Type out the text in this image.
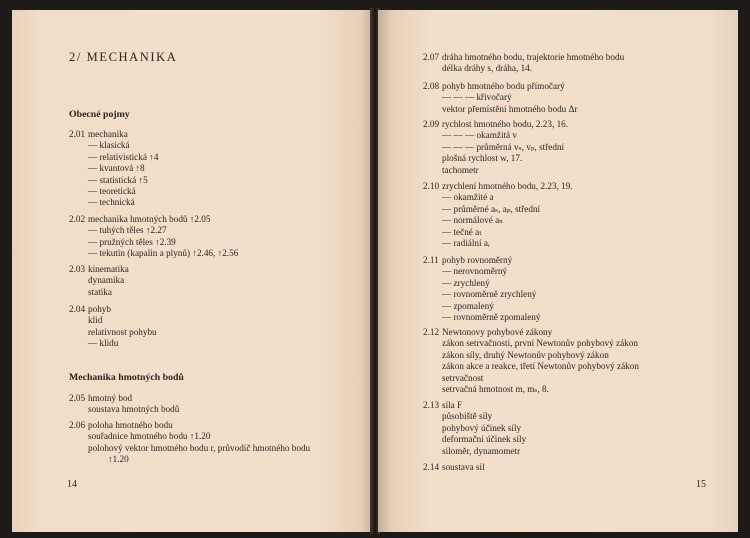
2/ MECHANIKA
Obecné pojmy
2.01 mechanika
— klasická
— relativistická ↑4
— kvantová ↑8
— statistická ↑5
— teoretická
— technická
2.02 mechanika hmotných bodů ↑2.05
— tuhých těles ↑2.27
— pružných těles ↑2.39
— tekutin (kapalin a plynů) ↑2.46, ↑2.56
2.03 kinematika
dynamika
statika
2.04 pohyb
klid
relativnost pohybu
— klidu
Mechanika hmotných bodů
2.05 hmotný bod
soustava hmotných bodů
2.06 poloha hmotného bodu
souřadnice hmotného bodu ↑1.20
polohový vektor hmotného bodu r, průvodič hmotného bodu
↑1.20
14
2.07 dráha hmotného bodu, trajektorie hmotného bodu
délka dráhy s, dráha, 14.
2.08 pohyb hmotného bodu přímočarý
— — — křivočarý
vektor přemístění hmotného bodu Δr
2.09 rychlost hmotného bodu, 2.23, 16.
— — — okamžitá v
— — — průměrná vₛ, vₚ, střední
plošná rychlost w, 17.
tachometr
2.10 zrychlení hmotného bodu, 2.23, 19.
— okamžité a
— průměrné aₛ, aₚ, střední
— normálové aₙ
— tečné aₜ
— radiální aᵣ
2.11 pohyb rovnoměrný
— nerovnoměrný
— zrychlený
— rovnoměrně zrychlený
— zpomalený
— rovnoměrně zpomalený
2.12 Newtonovy pohybové zákony
zákon setrvačnosti, první Newtonův pohybový zákon
zákon síly, druhý Newtonův pohybový zákon
zákon akce a reakce, třetí Newtonův pohybový zákon
setrvačnost
setrvačná hmotnost m, mₛ, 8.
2.13 síla F
působiště síly
pohybový účinek síly
deformační účinek síly
siloměr, dynamometr
2.14 soustava sil
15
